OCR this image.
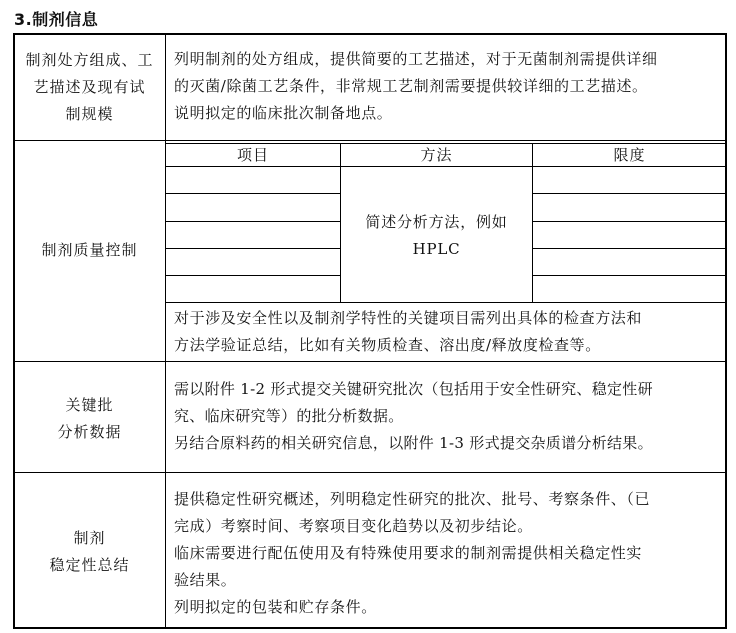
3.制剂信息
制剂处方组成、工
艺描述及现有试
制规模
列明制剂的处方组成，提供简要的工艺描述，对于无菌制剂需提供详细
的灭菌/除菌工艺条件，非常规工艺制剂需要提供较详细的工艺描述。
说明拟定的临床批次制备地点。
制剂质量控制
项目	方法	限度
简述分析方法，例如
HPLC
对于涉及安全性以及制剂学特性的关键项目需列出具体的检查方法和
方法学验证总结，比如有关物质检查、溶出度/释放度检查等。
关键批
分析数据
需以附件 1-2 形式提交关键研究批次（包括用于安全性研究、稳定性研
究、临床研究等）的批分析数据。
另结合原料药的相关研究信息，以附件 1-3 形式提交杂质谱分析结果。
制剂
稳定性总结
提供稳定性研究概述，列明稳定性研究的批次、批号、考察条件、（已
完成）考察时间、考察项目变化趋势以及初步结论。
临床需要进行配伍使用及有特殊使用要求的制剂需提供相关稳定性实
验结果。
列明拟定的包装和贮存条件。
